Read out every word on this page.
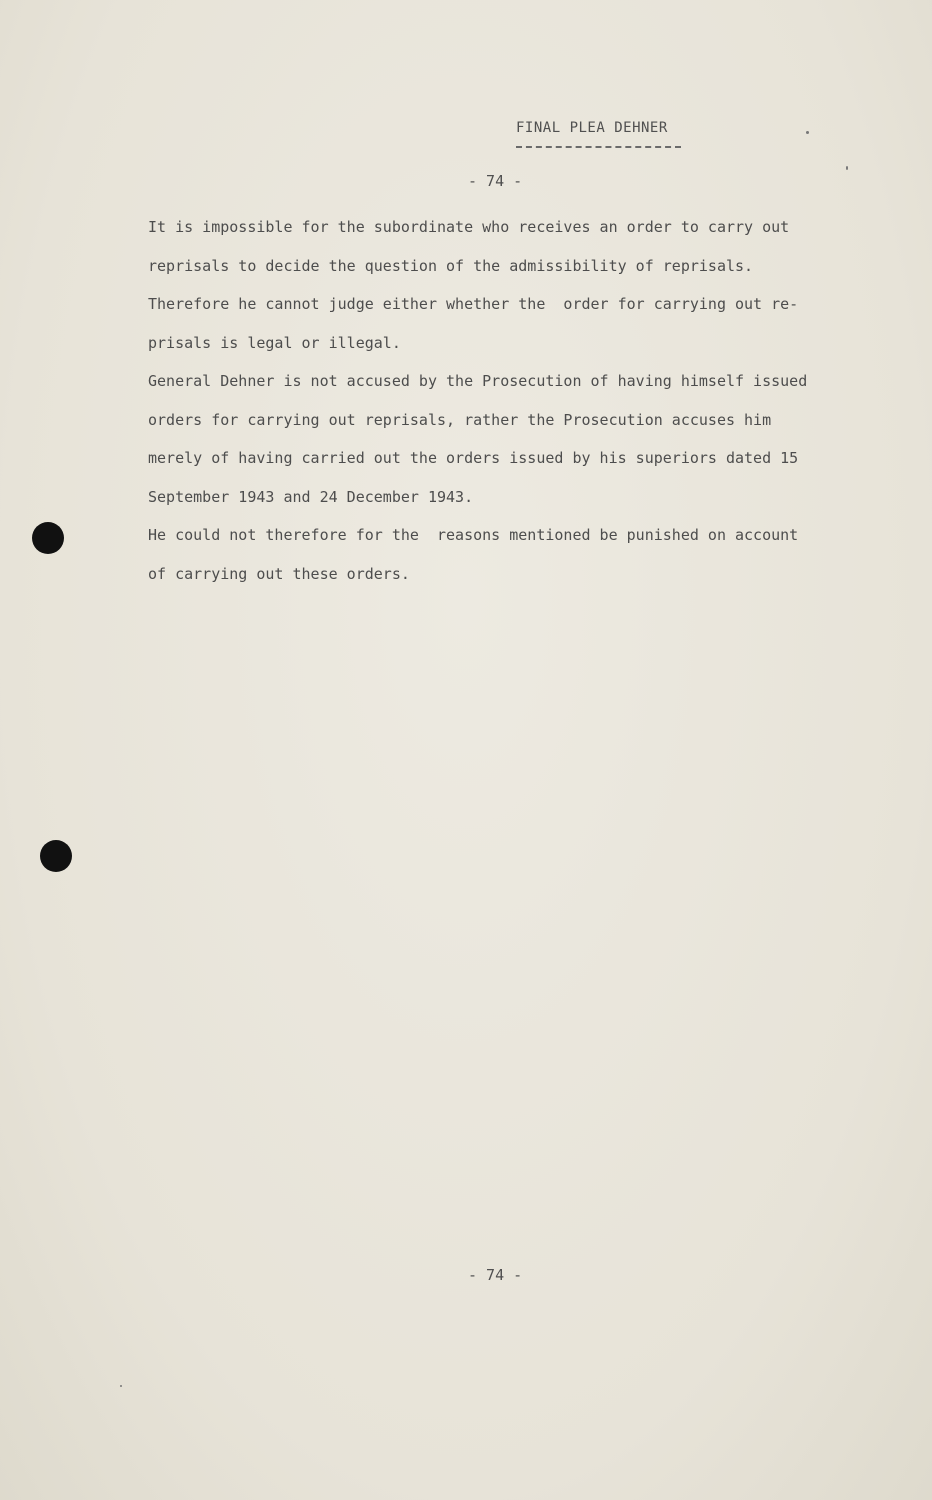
FINAL PLEA DEHNER
- 74 -

It is impossible for the subordinate who receives an order to carry out

reprisals to decide the question of the admissibility of reprisals.

Therefore he cannot judge either whether the  order for carrying out re-

prisals is legal or illegal.

General Dehner is not accused by the Prosecution of having himself issued

orders for carrying out reprisals, rather the Prosecution accuses him

merely of having carried out the orders issued by his superiors dated 15

September 1943 and 24 December 1943.

He could not therefore for the  reasons mentioned be punished on account

of carrying out these orders.

- 74 -
